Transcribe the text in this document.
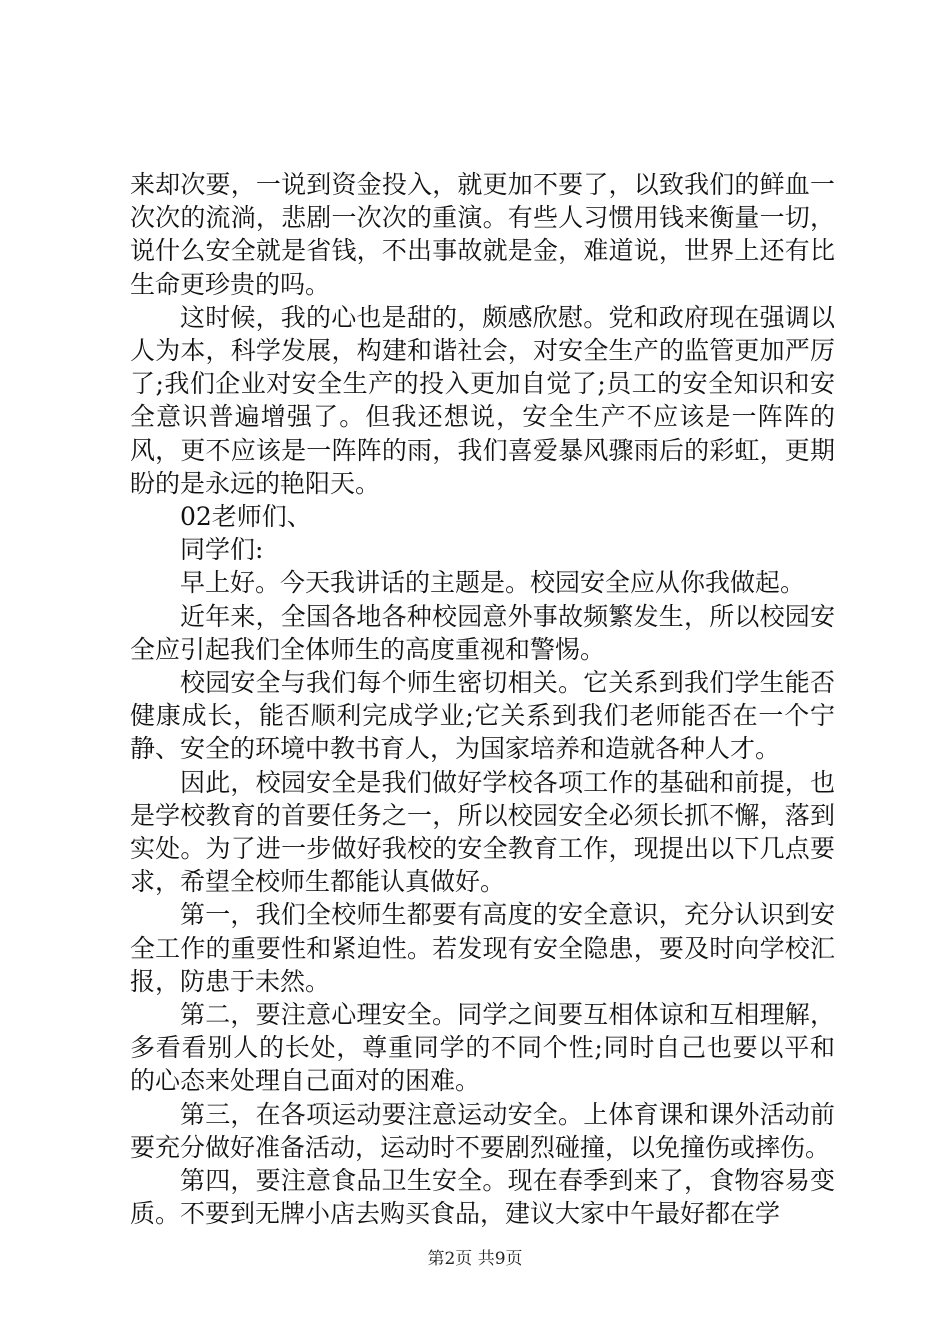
来却次要，一说到资金投入，就更加不要了，以致我们的鲜血一次次的流淌，悲剧一次次的重演。有些人习惯用钱来衡量一切，说什么安全就是省钱，不出事故就是金，难道说，世界上还有比生命更珍贵的吗。

这时候，我的心也是甜的，颇感欣慰。党和政府现在强调以人为本，科学发展，构建和谐社会，对安全生产的监管更加严厉了;我们企业对安全生产的投入更加自觉了;员工的安全知识和安全意识普遍增强了。但我还想说，安全生产不应该是一阵阵的风，更不应该是一阵阵的雨，我们喜爱暴风骤雨后的彩虹，更期盼的是永远的艳阳天。

02老师们、

同学们:

早上好。今天我讲话的主题是。校园安全应从你我做起。

近年来，全国各地各种校园意外事故频繁发生，所以校园安全应引起我们全体师生的高度重视和警惕。

校园安全与我们每个师生密切相关。它关系到我们学生能否健康成长，能否顺利完成学业;它关系到我们老师能否在一个宁静、安全的环境中教书育人，为国家培养和造就各种人才。

因此，校园安全是我们做好学校各项工作的基础和前提，也是学校教育的首要任务之一，所以校园安全必须长抓不懈，落到实处。为了进一步做好我校的安全教育工作，现提出以下几点要求，希望全校师生都能认真做好。

第一，我们全校师生都要有高度的安全意识，充分认识到安全工作的重要性和紧迫性。若发现有安全隐患，要及时向学校汇报，防患于未然。

第二，要注意心理安全。同学之间要互相体谅和互相理解，多看看别人的长处，尊重同学的不同个性;同时自己也要以平和的心态来处理自己面对的困难。

第三，在各项运动要注意运动安全。上体育课和课外活动前要充分做好准备活动，运动时不要剧烈碰撞，以免撞伤或摔伤。

第四，要注意食品卫生安全。现在春季到来了，食物容易变质。不要到无牌小店去购买食品，建议大家中午最好都在学

第2页 共9页
